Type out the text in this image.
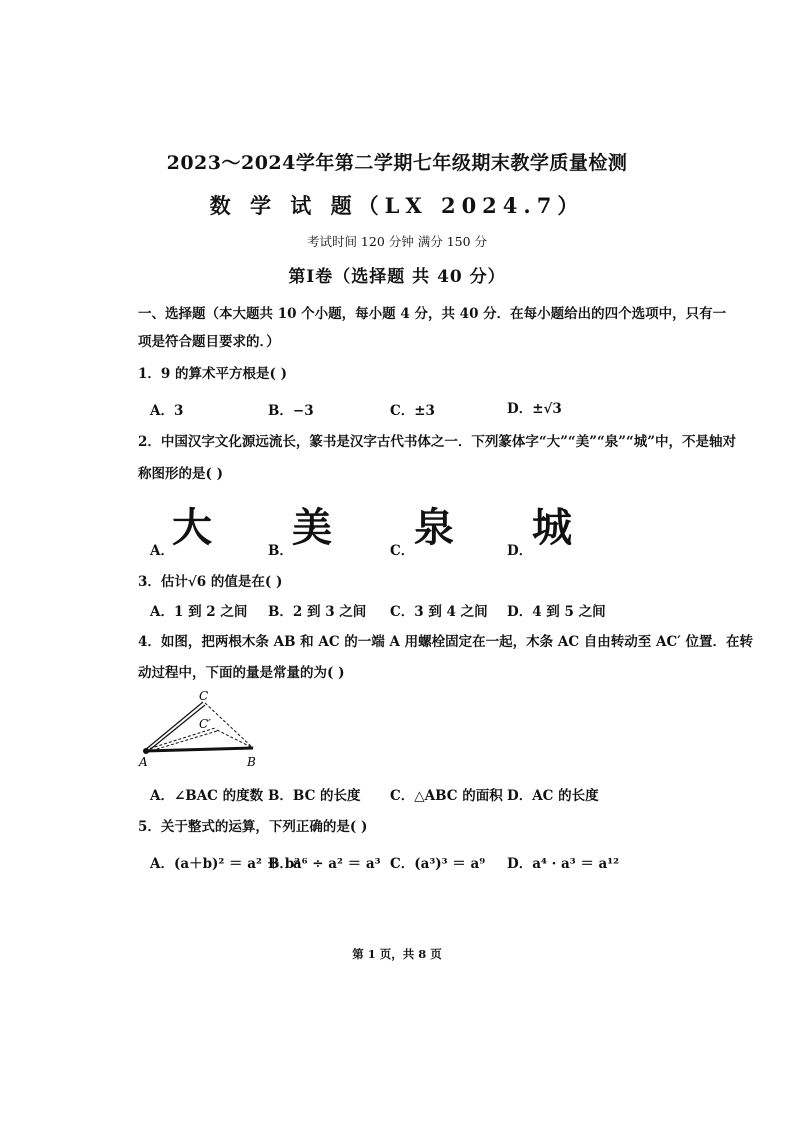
2023～2024学年第二学期七年级期末教学质量检测
数 学 试 题（LX 2024.7）
考试时间 120 分钟 满分 150 分
第Ⅰ卷（选择题 共 40 分）
一、选择题（本大题共 10 个小题，每小题 4 分，共 40 分．在每小题给出的四个选项中，只有一
项是符合题目要求的．）
1．9 的算术平方根是( )
A．3	B．−3	C．±3	D．±√3
2．中国汉字文化源远流长，篆书是汉字古代书体之一．下列篆体字“大”“美”“泉”“城”中，不是轴对
称图形的是( )
大 美 泉 城
A．	B．	C．	D．
3．估计√6 的值是在( )
A．1 到 2 之间 B．2 到 3 之间 C．3 到 4 之间 D．4 到 5 之间
4．如图，把两根木条 AB 和 AC 的一端 A 用螺栓固定在一起，木条 AC 自由转动至 AC′ 位置．在转
动过程中，下面的量是常量的为( )
C
C′
A	B
A．∠BAC 的度数 B．BC 的长度 C．△ABC 的面积 D．AC 的长度
5．关于整式的运算，下列正确的是( )
A．(a＋b)² ＝ a² ＋ b²
B．a⁶ ÷ a² ＝ a³ C．(a³)³ ＝ a⁹ D．a⁴ · a³ ＝ a¹²
第 1 页，共 8 页
